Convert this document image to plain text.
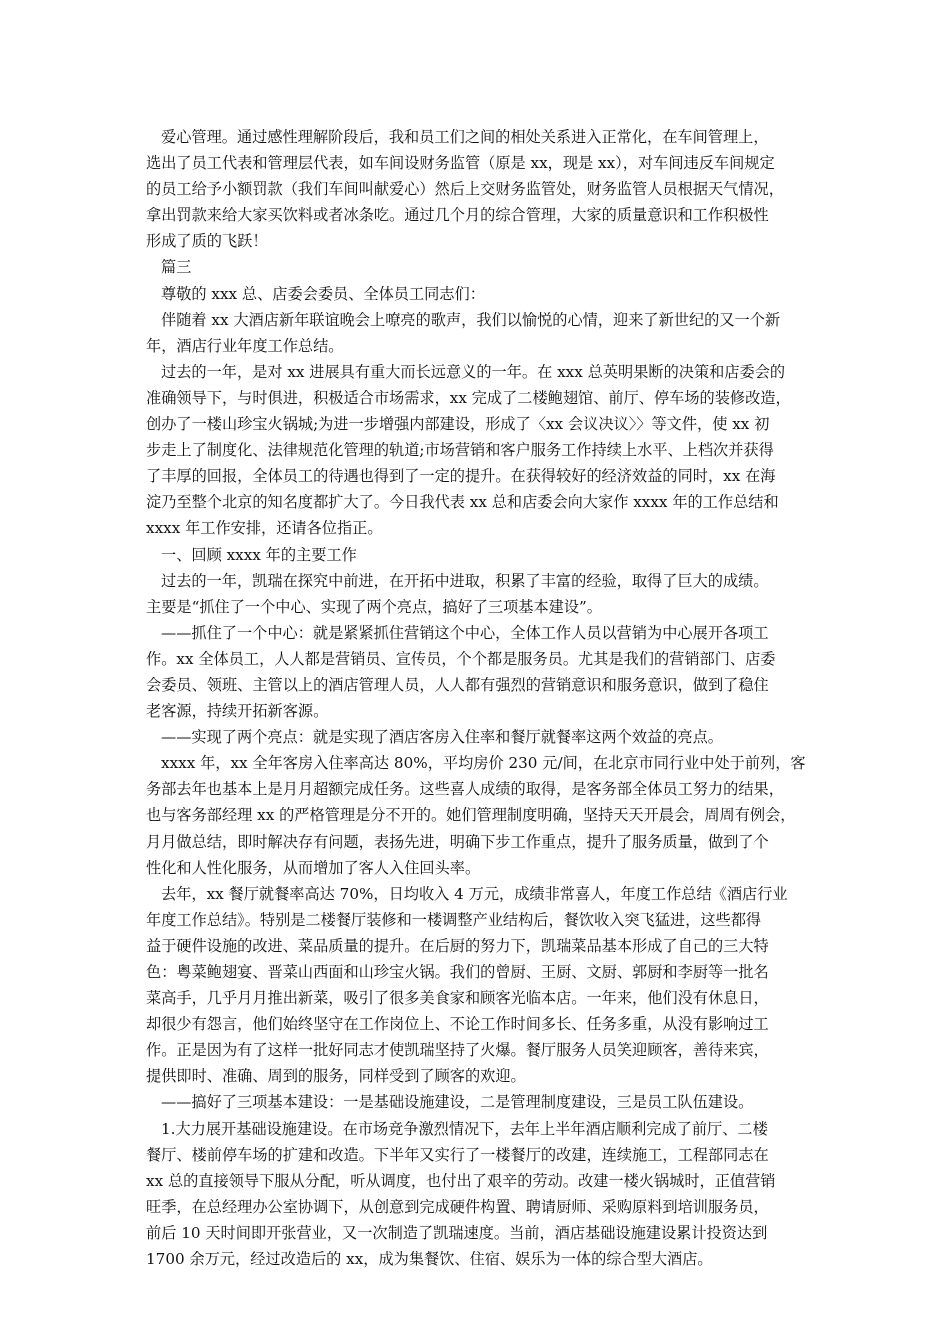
爱心管理。通过感性理解阶段后，我和员工们之间的相处关系进入正常化，在车间管理上，
选出了员工代表和管理层代表，如车间设财务监管（原是 xx，现是 xx），对车间违反车间规定
的员工给予小额罚款（我们车间叫献爱心）然后上交财务监管处，财务监管人员根据天气情况，
拿出罚款来给大家买饮料或者冰条吃。通过几个月的综合管理，大家的质量意识和工作积极性
形成了质的飞跃！
篇三
尊敬的 xxx 总、店委会委员、全体员工同志们：
伴随着 xx 大酒店新年联谊晚会上嘹亮的歌声，我们以愉悦的心情，迎来了新世纪的又一个新
年，酒店行业年度工作总结。
过去的一年，是对 xx 进展具有重大而长远意义的一年。在 xxx 总英明果断的决策和店委会的
准确领导下，与时俱进，积极适合市场需求，xx 完成了二楼鲍翅馆、前厅、停车场的装修改造，
创办了一楼山珍宝火锅城;为进一步增强内部建设，形成了〈xx 会议决议〉〉等文件，使 xx 初
步走上了制度化、法律规范化管理的轨道;市场营销和客户服务工作持续上水平、上档次并获得
了丰厚的回报，全体员工的待遇也得到了一定的提升。在获得较好的经济效益的同时，xx 在海
淀乃至整个北京的知名度都扩大了。今日我代表 xx 总和店委会向大家作 xxxx 年的工作总结和
xxxx 年工作安排，还请各位指正。
一、回顾 xxxx 年的主要工作
过去的一年，凯瑞在探究中前进，在开拓中进取，积累了丰富的经验，取得了巨大的成绩。
主要是“抓住了一个中心、实现了两个亮点，搞好了三项基本建设”。
——抓住了一个中心：就是紧紧抓住营销这个中心，全体工作人员以营销为中心展开各项工
作。xx 全体员工，人人都是营销员、宣传员，个个都是服务员。尤其是我们的营销部门、店委
会委员、领班、主管以上的酒店管理人员，人人都有强烈的营销意识和服务意识，做到了稳住
老客源，持续开拓新客源。
——实现了两个亮点：就是实现了酒店客房入住率和餐厅就餐率这两个效益的亮点。
xxxx 年，xx 全年客房入住率高达 80%，平均房价 230 元/间，在北京市同行业中处于前列，客
务部去年也基本上是月月超额完成任务。这些喜人成绩的取得，是客务部全体员工努力的结果，
也与客务部经理 xx 的严格管理是分不开的。她们管理制度明确，坚持天天开晨会，周周有例会，
月月做总结，即时解决存有问题，表扬先进，明确下步工作重点，提升了服务质量，做到了个
性化和人性化服务，从而增加了客人入住回头率。
去年，xx 餐厅就餐率高达 70%，日均收入 4 万元，成绩非常喜人，年度工作总结《酒店行业
年度工作总结》。特别是二楼餐厅装修和一楼调整产业结构后，餐饮收入突飞猛进，这些都得
益于硬件设施的改进、菜品质量的提升。在后厨的努力下，凯瑞菜品基本形成了自己的三大特
色：粤菜鲍翅宴、晋菜山西面和山珍宝火锅。我们的曾厨、王厨、文厨、郭厨和李厨等一批名
菜高手，几乎月月推出新菜，吸引了很多美食家和顾客光临本店。一年来，他们没有休息日，
却很少有怨言，他们始终坚守在工作岗位上、不论工作时间多长、任务多重，从没有影响过工
作。正是因为有了这样一批好同志才使凯瑞坚持了火爆。餐厅服务人员笑迎顾客，善待来宾，
提供即时、准确、周到的服务，同样受到了顾客的欢迎。
——搞好了三项基本建设：一是基础设施建设，二是管理制度建设，三是员工队伍建设。
1.大力展开基础设施建设。在市场竞争激烈情况下，去年上半年酒店顺利完成了前厅、二楼
餐厅、楼前停车场的扩建和改造。下半年又实行了一楼餐厅的改建，连续施工，工程部同志在
xx 总的直接领导下服从分配，听从调度，也付出了艰辛的劳动。改建一楼火锅城时，正值营销
旺季，在总经理办公室协调下，从创意到完成硬件构置、聘请厨师、采购原料到培训服务员，
前后 10 天时间即开张营业，又一次制造了凯瑞速度。当前，酒店基础设施建设累计投资达到
1700 余万元，经过改造后的 xx，成为集餐饮、住宿、娱乐为一体的综合型大酒店。
